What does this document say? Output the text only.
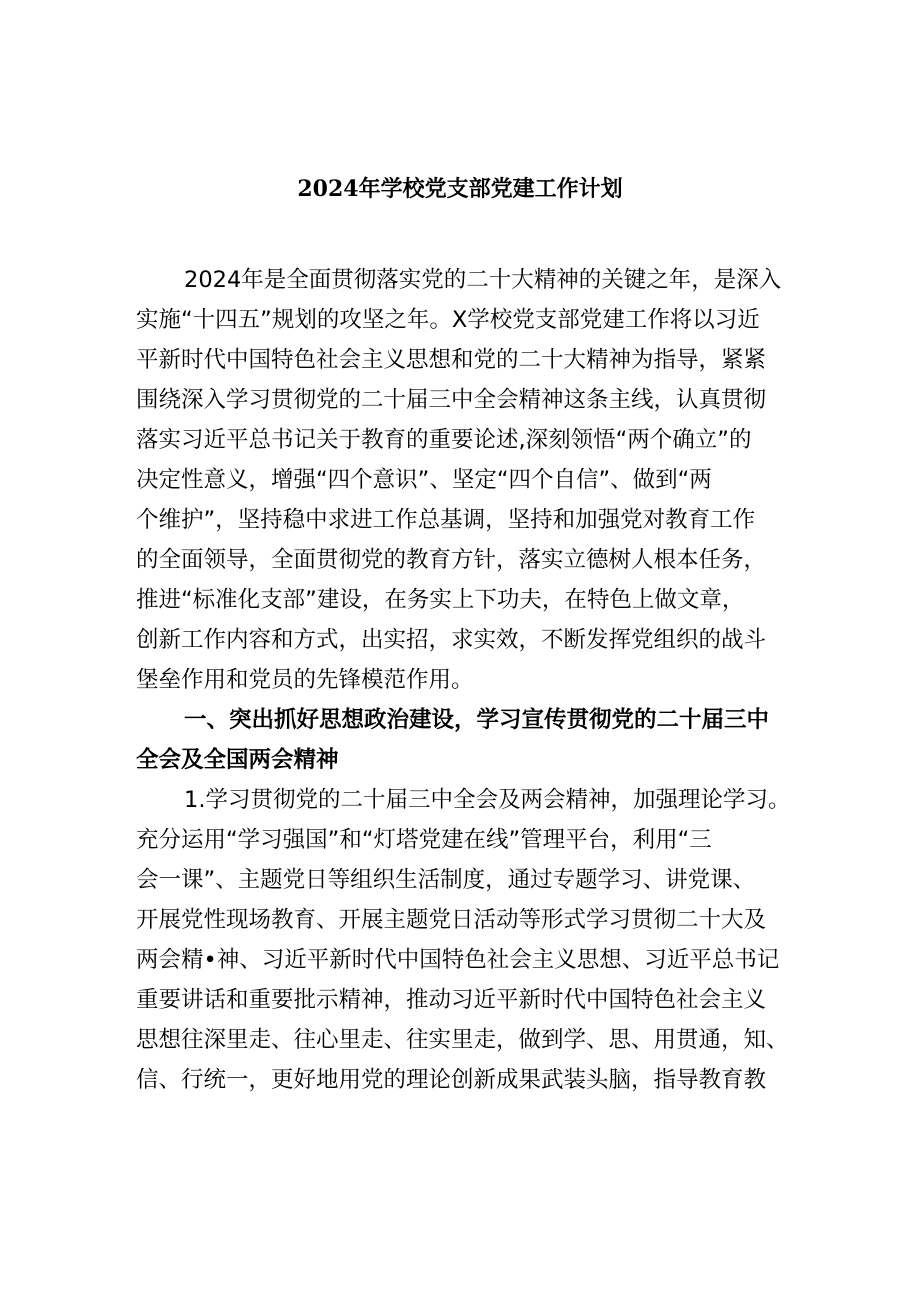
2024年学校党支部党建工作计划
2024年是全面贯彻落实党的二十大精神的关键之年，是深入
实施“十四五”规划的攻坚之年。X学校党支部党建工作将以习近
平新时代中国特色社会主义思想和党的二十大精神为指导，紧紧
围绕深入学习贯彻党的二十届三中全会精神这条主线，认真贯彻
落实习近平总书记关于教育的重要论述,深刻领悟“两个确立”的
决定性意义，增强“四个意识”、坚定“四个自信”、做到“两
个维护”，坚持稳中求进工作总基调，坚持和加强党对教育工作
的全面领导，全面贯彻党的教育方针，落实立德树人根本任务，
推进“标准化支部”建设，在务实上下功夫，在特色上做文章，
创新工作内容和方式，出实招，求实效，不断发挥党组织的战斗
堡垒作用和党员的先锋模范作用。
一、突出抓好思想政治建设，学习宣传贯彻党的二十届三中
全会及全国两会精神
1.学习贯彻党的二十届三中全会及两会精神，加强理论学习。
充分运用“学习强国”和“灯塔党建在线”管理平台，利用“三
会一课”、主题党日等组织生活制度，通过专题学习、讲党课、
开展党性现场教育、开展主题党日活动等形式学习贯彻二十大及
两会精•神、习近平新时代中国特色社会主义思想、习近平总书记
重要讲话和重要批示精神，推动习近平新时代中国特色社会主义
思想往深里走、往心里走、往实里走，做到学、思、用贯通，知、
信、行统一，更好地用党的理论创新成果武装头脑，指导教育教
